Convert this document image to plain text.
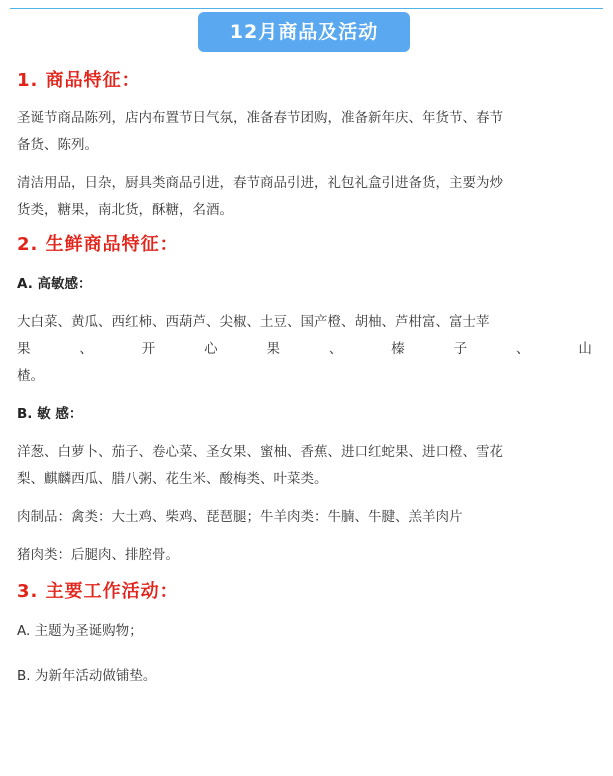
12月商品及活动
1. 商品特征：

圣诞节商品陈列，店内布置节日气氛，准备春节团购，准备新年庆、年货节、春节

备货、陈列。

清洁用品，日杂，厨具类商品引进，春节商品引进，礼包礼盒引进备货，主要为炒

货类，糖果，南北货，酥糖，名酒。

2. 生鲜商品特征：

A. 高敏感：

大白菜、黄瓜、西红柿、西葫芦、尖椒、土豆、国产橙、胡柚、芦柑富、富士苹

果	、	开	心	果	、	榛	子	、	山

楂。

B. 敏 感：

洋葱、白萝卜、茄子、卷心菜、圣女果、蜜柚、香蕉、进口红蛇果、进口橙、雪花

梨、麒麟西瓜、腊八粥、花生米、酸梅类、叶菜类。

肉制品：禽类：大土鸡、柴鸡、琵琶腿；牛羊肉类：牛腩、牛腱、羔羊肉片

猪肉类：后腿肉、排腔骨。

3. 主要工作活动：

A. 主题为圣诞购物；

B. 为新年活动做铺垫。
